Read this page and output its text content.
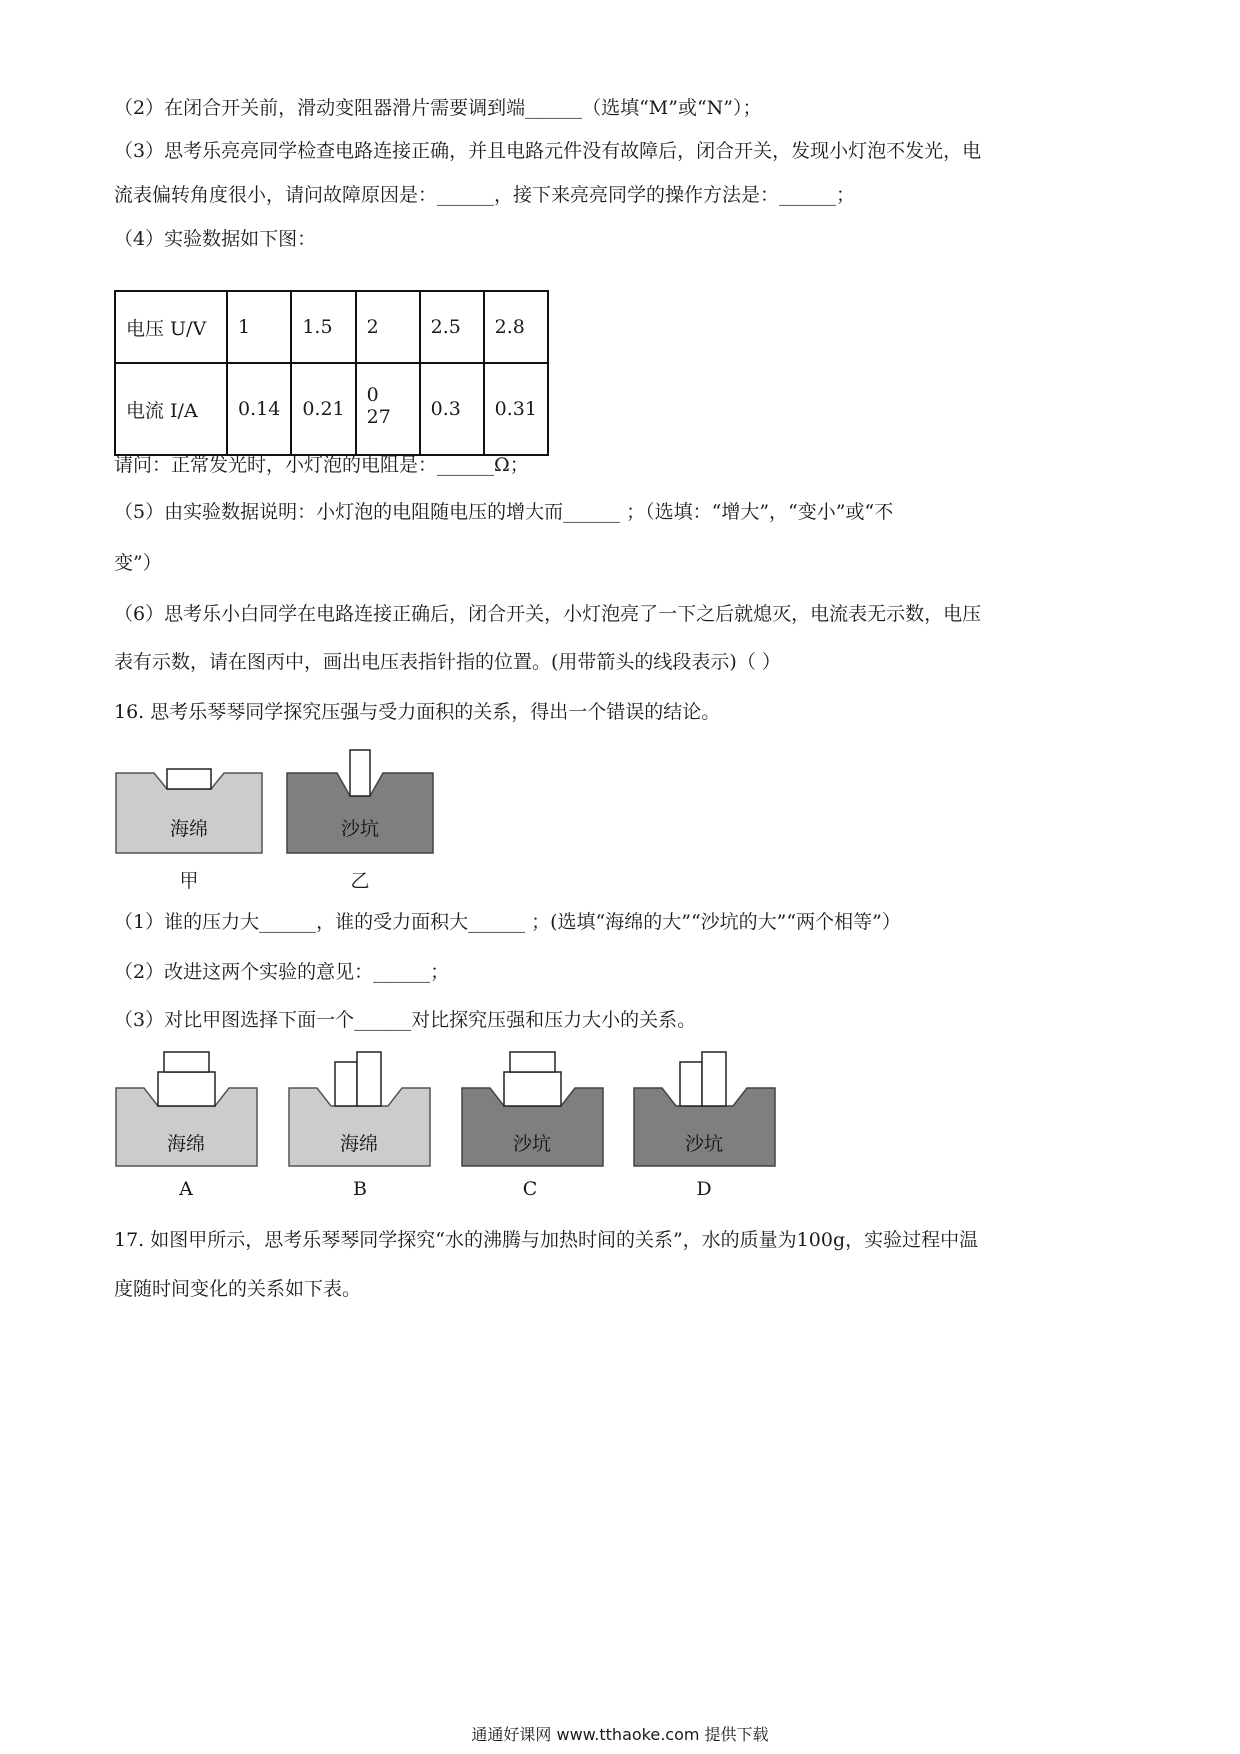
（2）在闭合开关前，滑动变阻器滑片需要调到端______（选填“M”或“N”）；
（3）思考乐亮亮同学检查电路连接正确，并且电路元件没有故障后，闭合开关，发现小灯泡不发光，电
流表偏转角度很小，请问故障原因是：______，接下来亮亮同学的操作方法是：______；
（4）实验数据如下图：
电压 U/V	1	1.5	2	2.5	2.8
电流 I/A	0.14	0.21	0 27	0.3	0.31
请问：正常发光时，小灯泡的电阻是：______Ω；
（5）由实验数据说明：小灯泡的电阻随电压的增大而______ ；（选填：“增大”，“变小”或“不
变”）
（6）思考乐小白同学在电路连接正确后，闭合开关，小灯泡亮了一下之后就熄灭，电流表无示数，电压
表有示数，请在图丙中，画出电压表指针指的位置。(用带箭头的线段表示)（ ）
16. 思考乐琴琴同学探究压强与受力面积的关系，得出一个错误的结论。
海绵
甲
沙坑
乙
（1）谁的压力大______，谁的受力面积大______ ；(选填“海绵的大”“沙坑的大”“两个相等”）
（2）改进这两个实验的意见：______；
（3）对比甲图选择下面一个______对比探究压强和压力大小的关系。
海绵
A
海绵
B
沙坑
C
沙坑
D
17. 如图甲所示，思考乐琴琴同学探究“水的沸腾与加热时间的关系”，水的质量为100g，实验过程中温
度随时间变化的关系如下表。
通通好课网 www.tthaoke.com 提供下载
